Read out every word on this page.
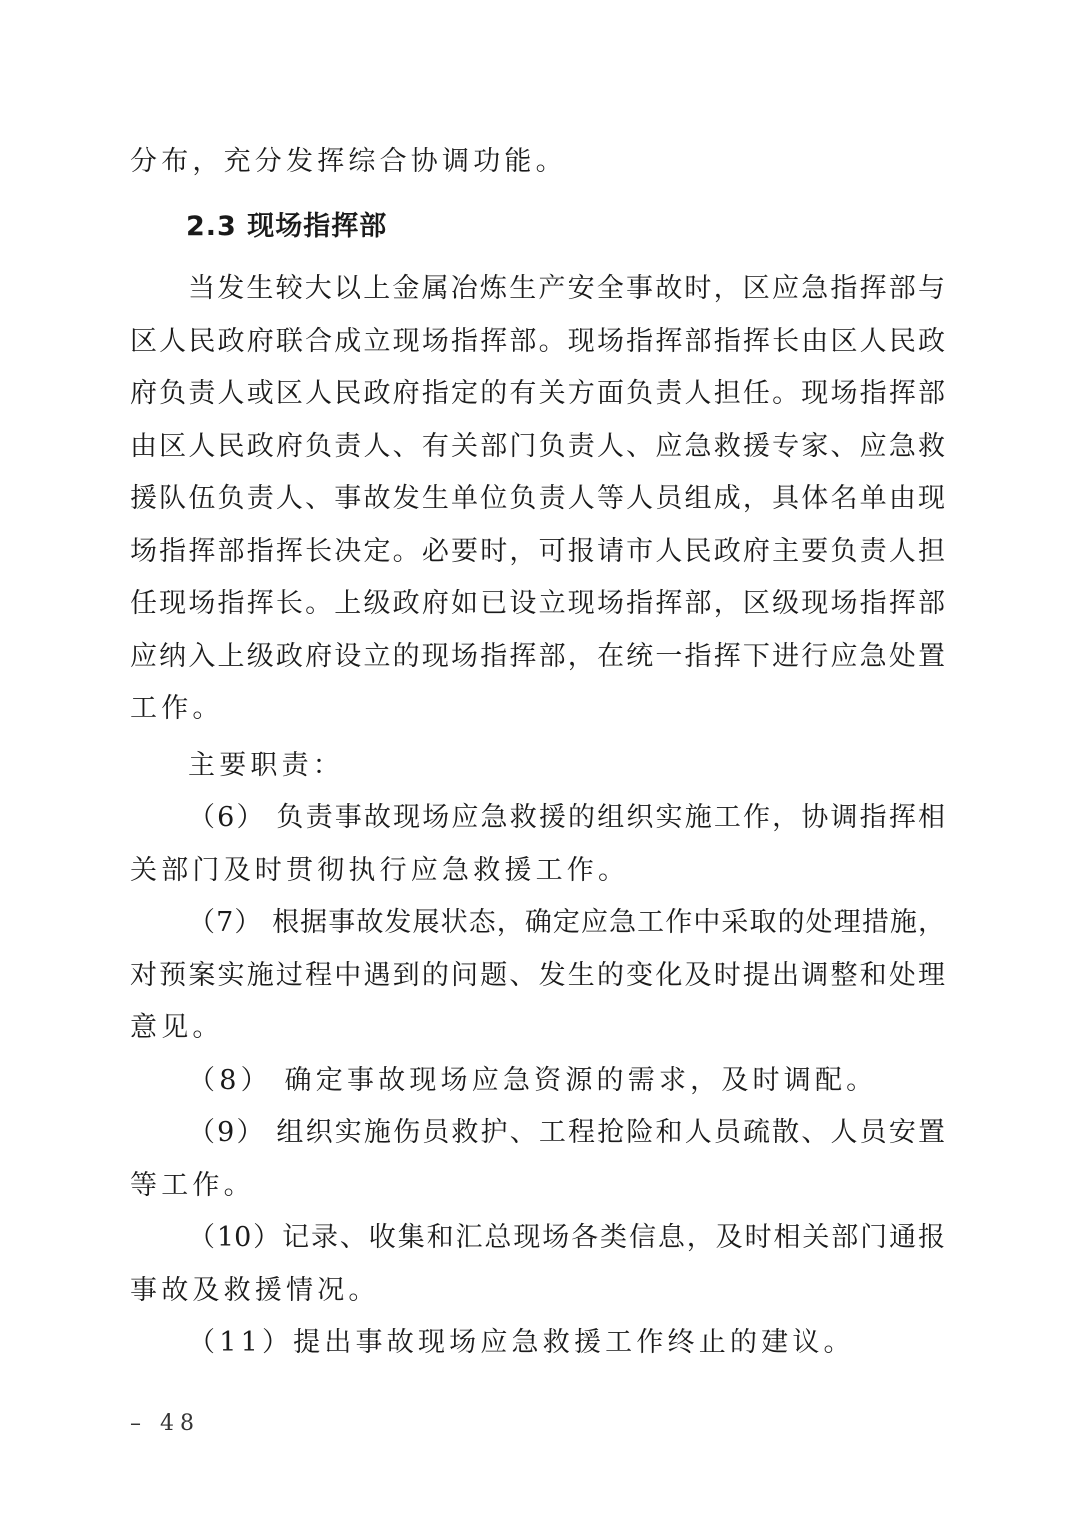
分布，充分发挥综合协调功能。
2.3 现场指挥部
当发生较大以上金属冶炼生产安全事故时，区应急指挥部与
区人民政府联合成立现场指挥部。现场指挥部指挥长由区人民政
府负责人或区人民政府指定的有关方面负责人担任。现场指挥部
由区人民政府负责人、有关部门负责人、应急救援专家、应急救
援队伍负责人、事故发生单位负责人等人员组成，具体名单由现
场指挥部指挥长决定。必要时，可报请市人民政府主要负责人担
任现场指挥长。上级政府如已设立现场指挥部，区级现场指挥部
应纳入上级政府设立的现场指挥部，在统一指挥下进行应急处置
工作。
主要职责：
（6） 负责事故现场应急救援的组织实施工作，协调指挥相
关部门及时贯彻执行应急救援工作。
（7） 根据事故发展状态，确定应急工作中采取的处理措施，
对预案实施过程中遇到的问题、发生的变化及时提出调整和处理
意见。
（8） 确定事故现场应急资源的需求，及时调配。
（9） 组织实施伤员救护、工程抢险和人员疏散、人员安置
等工作。
（10）记录、收集和汇总现场各类信息，及时相关部门通报
事故及救援情况。
（11）提出事故现场应急救援工作终止的建议。
– 48
